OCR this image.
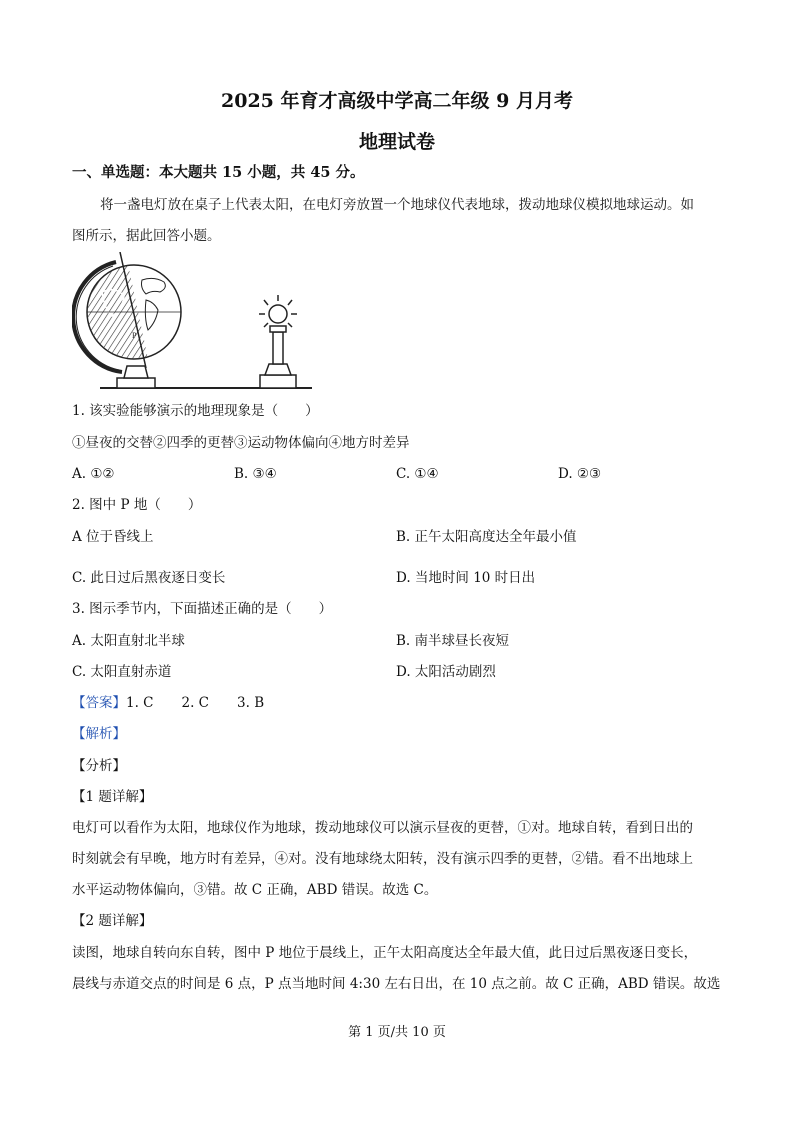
2025 年育才高级中学高二年级 9 月月考
地理试卷
一、单选题：本大题共 15 小题，共 45 分。
将一盏电灯放在桌子上代表太阳，在电灯旁放置一个地球仪代表地球，拨动地球仪模拟地球运动。如
图所示，据此回答小题。
P
1. 该实验能够演示的地理现象是（　　）
①昼夜的交替②四季的更替③运动物体偏向④地方时差异
A. ①②	B. ③④	C. ①④	D. ②③
2. 图中 P 地（　　）
A 位于昏线上	B. 正午太阳高度达全年最小值
C. 此日过后黑夜逐日变长	D. 当地时间 10 时日出
3. 图示季节内，下面描述正确的是（　　）
A. 太阳直射北半球	B. 南半球昼长夜短
C. 太阳直射赤道	D. 太阳活动剧烈
【答案】1. C 2. C 3. B
【解析】
【分析】
【1 题详解】
电灯可以看作为太阳，地球仪作为地球，拨动地球仪可以演示昼夜的更替，①对。地球自转，看到日出的
时刻就会有早晚，地方时有差异，④对。没有地球绕太阳转，没有演示四季的更替，②错。看不出地球上
水平运动物体偏向，③错。故 C 正确，ABD 错误。故选 C。
【2 题详解】
读图，地球自转向东自转，图中 P 地位于晨线上，正午太阳高度达全年最大值，此日过后黑夜逐日变长，
晨线与赤道交点的时间是 6 点，P 点当地时间 4:30 左右日出，在 10 点之前。故 C 正确，ABD 错误。故选
第 1 页/共 10 页
